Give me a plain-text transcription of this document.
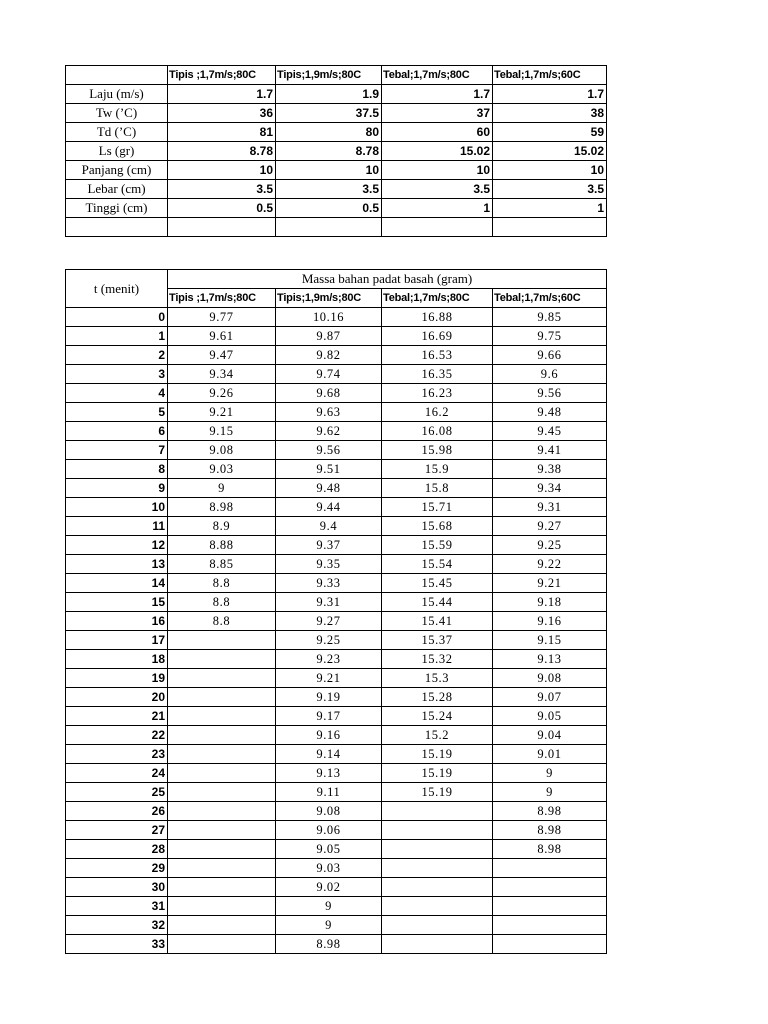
	Tipis ;1,7m/s;80C	Tipis;1,9m/s;80C	Tebal;1,7m/s;80C	Tebal;1,7m/s;60C
Laju (m/s)	1.7	1.9	1.7	1.7
Tw (’C)	36	37.5	37	38
Td (’C)	81	80	60	59
Ls (gr)	8.78	8.78	15.02	15.02
Panjang (cm)	10	10	10	10
Lebar (cm)	3.5	3.5	3.5	3.5
Tinggi (cm)	0.5	0.5	1	1

t (menit)	Massa bahan padat basah (gram)			
	Tipis ;1,7m/s;80C	Tipis;1,9m/s;80C	Tebal;1,7m/s;80C	Tebal;1,7m/s;60C
0	9.77	10.16	16.88	9.85
1	9.61	9.87	16.69	9.75
2	9.47	9.82	16.53	9.66
3	9.34	9.74	16.35	9.6
4	9.26	9.68	16.23	9.56
5	9.21	9.63	16.2	9.48
6	9.15	9.62	16.08	9.45
7	9.08	9.56	15.98	9.41
8	9.03	9.51	15.9	9.38
9	9	9.48	15.8	9.34
10	8.98	9.44	15.71	9.31
11	8.9	9.4	15.68	9.27
12	8.88	9.37	15.59	9.25
13	8.85	9.35	15.54	9.22
14	8.8	9.33	15.45	9.21
15	8.8	9.31	15.44	9.18
16	8.8	9.27	15.41	9.16
17		9.25	15.37	9.15
18		9.23	15.32	9.13
19		9.21	15.3	9.08
20		9.19	15.28	9.07
21		9.17	15.24	9.05
22		9.16	15.2	9.04
23		9.14	15.19	9.01
24		9.13	15.19	9
25		9.11	15.19	9
26		9.08		8.98
27		9.06		8.98
28		9.05		8.98
29		9.03		
30		9.02		
31		9		
32		9		
33		8.98		
